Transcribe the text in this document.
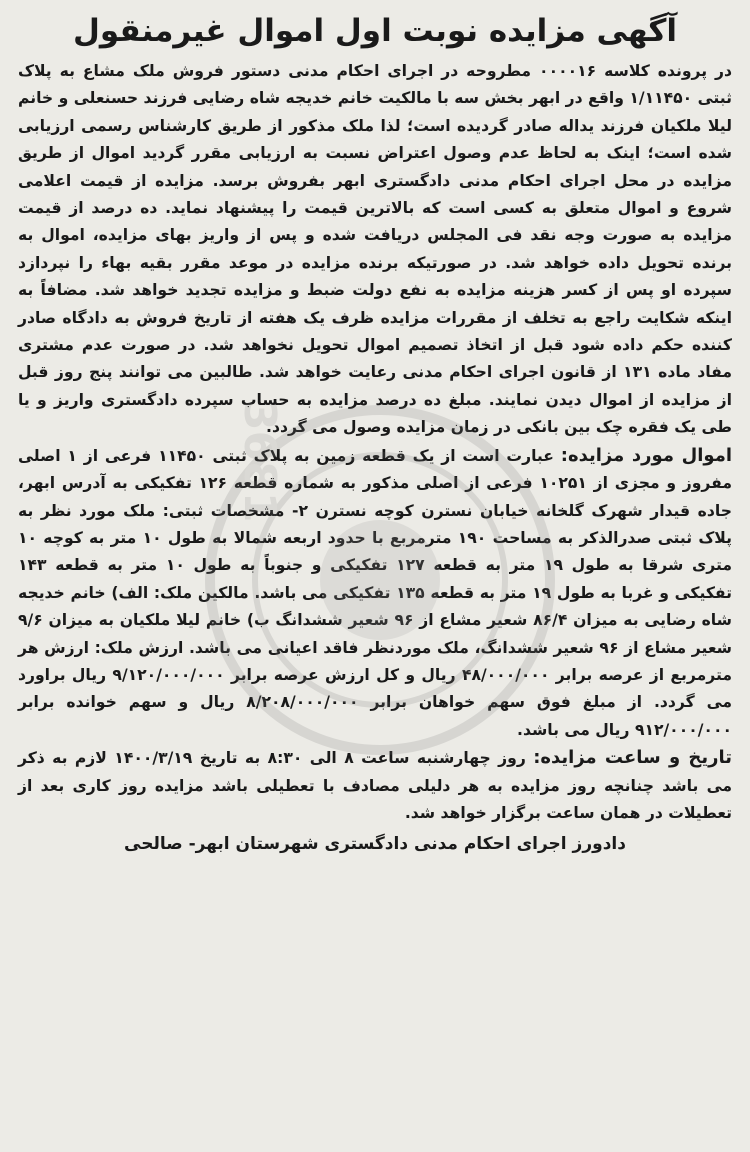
3681
آگهی مزایده نوبت اول اموال غیرمنقول

در پرونده کلاسه ۰۰۰۰۱۶ مطروحه در اجرای احکام مدنی دستور فروش ملک مشاع به پلاک ثبتی ۱/۱۱۴۵۰ واقع در ابهر بخش سه با مالکیت خانم خدیجه شاه رضایی فرزند حسنعلی و خانم لیلا ملکیان فرزند یداله صادر گردیده است؛ لذا ملک مذکور از طریق کارشناس رسمی ارزیابی شده است؛ اینک به لحاظ عدم وصول اعتراض نسبت به ارزیابی مقرر گردید اموال از طریق مزایده در محل اجرای احکام مدنی دادگستری ابهر بفروش برسد. مزایده از قیمت اعلامی شروع و اموال متعلق به کسی است که بالاترین قیمت را پیشنهاد نماید. ده درصد از قیمت مزایده به صورت وجه نقد فی المجلس دریافت شده و پس از واریز بهای مزایده، اموال به برنده تحویل داده خواهد شد. در صورتیکه برنده مزایده در موعد مقرر بقیه بهاء را نپردازد سپرده او پس از کسر هزینه مزایده به نفع دولت ضبط و مزایده تجدید خواهد شد. مضافاً به اینکه شکایت راجع به تخلف از مقررات مزایده ظرف یک هفته از تاریخ فروش به دادگاه صادر کننده حکم داده شود قبل از اتخاذ تصمیم اموال تحویل نخواهد شد. در صورت عدم مشتری مفاد ماده ۱۳۱ از قانون اجرای احکام مدنی رعایت خواهد شد. طالبین می توانند پنج روز قبل از مزایده از اموال دیدن نمایند. مبلغ ده درصد مزایده به حساب سپرده دادگستری واریز و یا طی یک فقره چک بین بانکی در زمان مزایده وصول می گردد.

اموال مورد مزایده: عبارت است از یک قطعه زمین به پلاک ثبتی ۱۱۴۵۰ فرعی از ۱ اصلی مفروز و مجزی از ۱۰۲۵۱ فرعی از اصلی مذکور به شماره قطعه ۱۲۶ تفکیکی به آدرس ابهر، جاده قیدار شهرک گلخانه خیابان نسترن کوچه نسترن ۲- مشخصات ثبتی: ملک مورد نظر به پلاک ثبتی صدرالذکر به مساحت ۱۹۰ مترمربع با حدود اربعه شمالا به طول ۱۰ متر به کوچه ۱۰ متری شرقا به طول ۱۹ متر به قطعه ۱۲۷ تفکیکی و جنوباً به طول ۱۰ متر به قطعه ۱۴۳ تفکیکی و غربا به طول ۱۹ متر به قطعه ۱۳۵ تفکیکی می باشد. مالکین ملک: الف) خانم خدیجه شاه رضایی به میزان ۸۶/۴ شعیر مشاع از ۹۶ شعیر ششدانگ ب) خانم لیلا ملکیان به میزان ۹/۶ شعیر مشاع از ۹۶ شعیر ششدانگ، ملک موردنظر فاقد اعیانی می باشد. ارزش ملک: ارزش هر مترمربع از عرصه برابر ۴۸/۰۰۰/۰۰۰ ریال و کل ارزش عرصه برابر ۹/۱۲۰/۰۰۰/۰۰۰ ریال براورد می گردد. از مبلغ فوق سهم خواهان برابر ۸/۲۰۸/۰۰۰/۰۰۰ ریال و سهم خوانده برابر ۹۱۲/۰۰۰/۰۰۰ ریال می باشد.

تاریخ و ساعت مزایده: روز چهارشنبه ساعت ۸ الی ۸:۳۰ به تاریخ ۱۴۰۰/۳/۱۹ لازم به ذکر می باشد چنانچه روز مزایده به هر دلیلی مصادف با تعطیلی باشد مزایده روز کاری بعد از تعطیلات در همان ساعت برگزار خواهد شد.

دادورز اجرای احکام مدنی دادگستری شهرستان ابهر- صالحی
